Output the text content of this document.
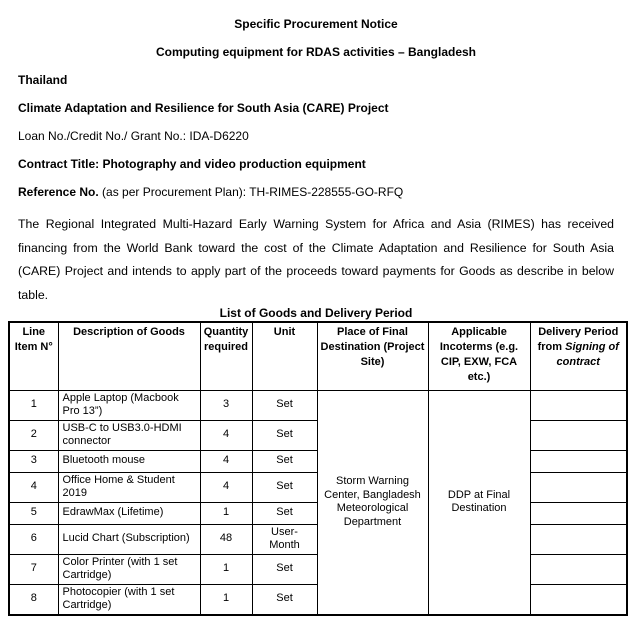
Specific Procurement Notice
Computing equipment for RDAS activities – Bangladesh
Thailand
Climate Adaptation and Resilience for South Asia (CARE) Project
Loan No./Credit No./ Grant No.: IDA-D6220
Contract Title: Photography and video production equipment
Reference No. (as per Procurement Plan): TH-RIMES-228555-GO-RFQ

The Regional Integrated Multi-Hazard Early Warning System for Africa and Asia (RIMES) has received financing from the World Bank toward the cost of the Climate Adaptation and Resilience for South Asia (CARE) Project and intends to apply part of the proceeds toward payments for Goods as describe in below table.

List of Goods and Delivery Period
Line Item N°	Description of Goods	Quantity required	Unit	Place of Final Destination (Project Site)	Applicable Incoterms (e.g. CIP, EXW, FCA etc.)	Delivery Period from Signing of contract
1	Apple Laptop (Macbook Pro 13”)	3	Set	Storm Warning Center, Bangladesh Meteorological Department	DDP at Final Destination	
2	USB-C to USB3.0-HDMI connector	4	Set			
3	Bluetooth mouse	4	Set			
4	Office Home & Student 2019	4	Set			
5	EdrawMax (Lifetime)	1	Set			
6	Lucid Chart (Subscription)	48	User-Month			
7	Color Printer (with 1 set Cartridge)	1	Set			
8	Photocopier (with 1 set Cartridge)	1	Set			
